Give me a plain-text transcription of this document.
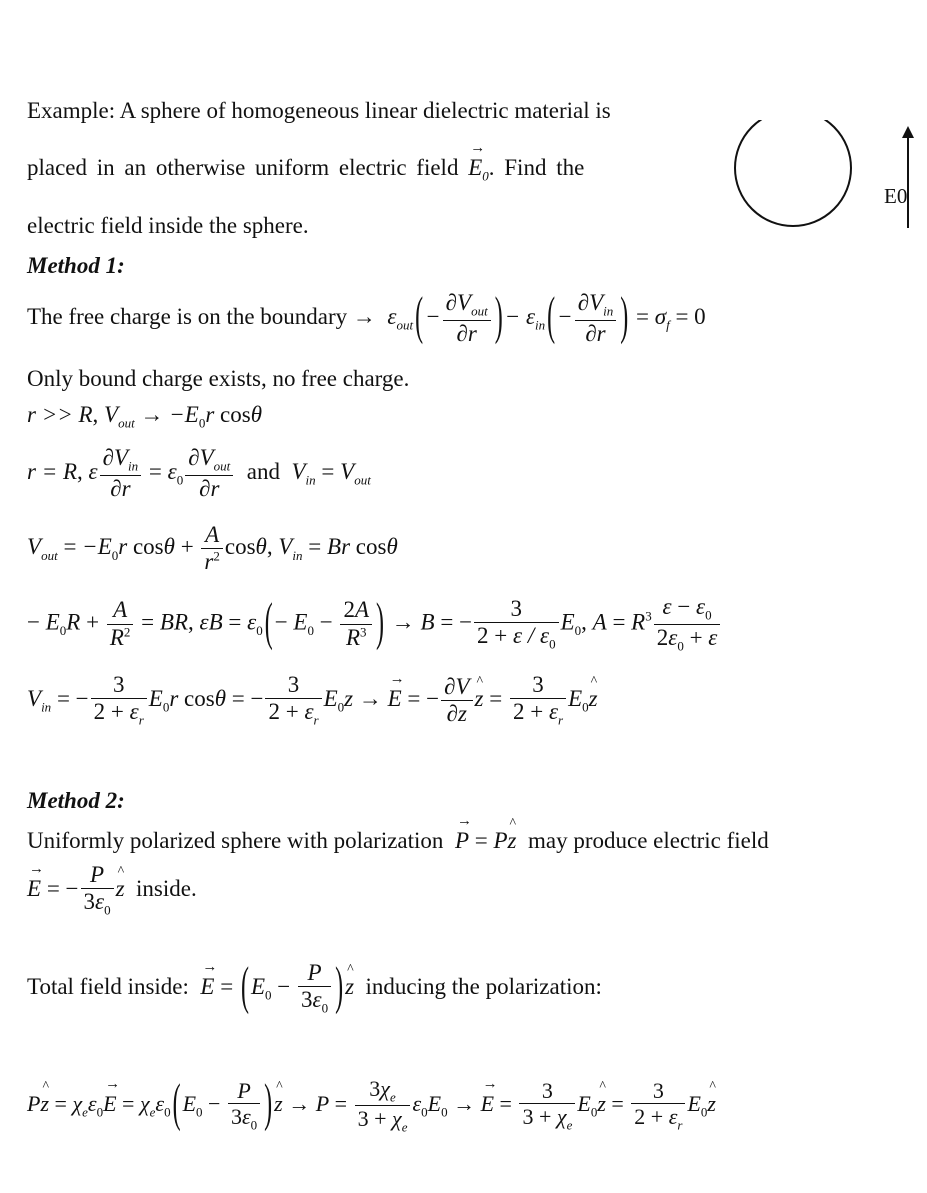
Example: A sphere of homogeneous linear dielectric material is
placed in an otherwise uniform electric field → $E_0$. Find the
electric field inside the sphere.
E0
Method 1:
The free charge is on the boundary →  $\varepsilon_{out}(- \frac{\partial V_{out}}{\partial r}$ )− $\varepsilon_{in}(- \frac{\partial V_{in}}{\partial r}$ ) = $\sigma_f = 0$
Only bound charge exists, no free charge.
r >> R, $V_{out} \to -E_0r$ cosθ
r = R, ε $\frac{\partial V_{in}}{\partial r} = \varepsilon_0 \frac{\partial V_{out}}{\partial r}$ and  $V_{in} = V_{out}$
$V_{out} = -E_0r$ $\cos\theta + \frac{A}{r^2} \cos\theta$, $V_{in} = Br$ cosθ
− $E_0R + \frac{A}{R^2}$ = BR, $\varepsilon B = \varepsilon_0(- E_0 - \frac{2A}{R^3}$ ) → B = − $\frac{3}{2 + \varepsilon / \varepsilon_0} E_0$, $A = R^3 \frac{\varepsilon - \varepsilon_0}{2\varepsilon_0 + \varepsilon}$
$V_{in}$ = − $\frac{3}{2 + \varepsilon_r} E_0r$ cosθ = − $\frac{3}{2 + \varepsilon_r} E_0z$ → → E = − $\frac{\partial V}{\partial z}$ ^ $z = \frac{3}{2 + \varepsilon_r}$ $E_0\^{}$ z
Method 2:
Uniformly polarized sphere with polarization → P = P^ z may produce electric field
→ E = − $\frac{P}{3\varepsilon_0}$ ^ z inside.
Total field inside: → $E = (E_0 - \frac{P}{3\varepsilon_0}$ )^ z inducing the polarization:
P^ $z = \chi_e\varepsilon_0\to E = \chi_e\varepsilon_0(E_0 - \frac{P}{3\varepsilon_0}$ )^ $z \to P = \frac{3\chi_e}{3 + \chi_e} \varepsilon_0E_0$ → → $E = \frac{3}{3 + \chi_e}$ $E_0\^{}$ $z = \frac{3}{2 + \varepsilon_r}$ $E_0\^{}$ z
